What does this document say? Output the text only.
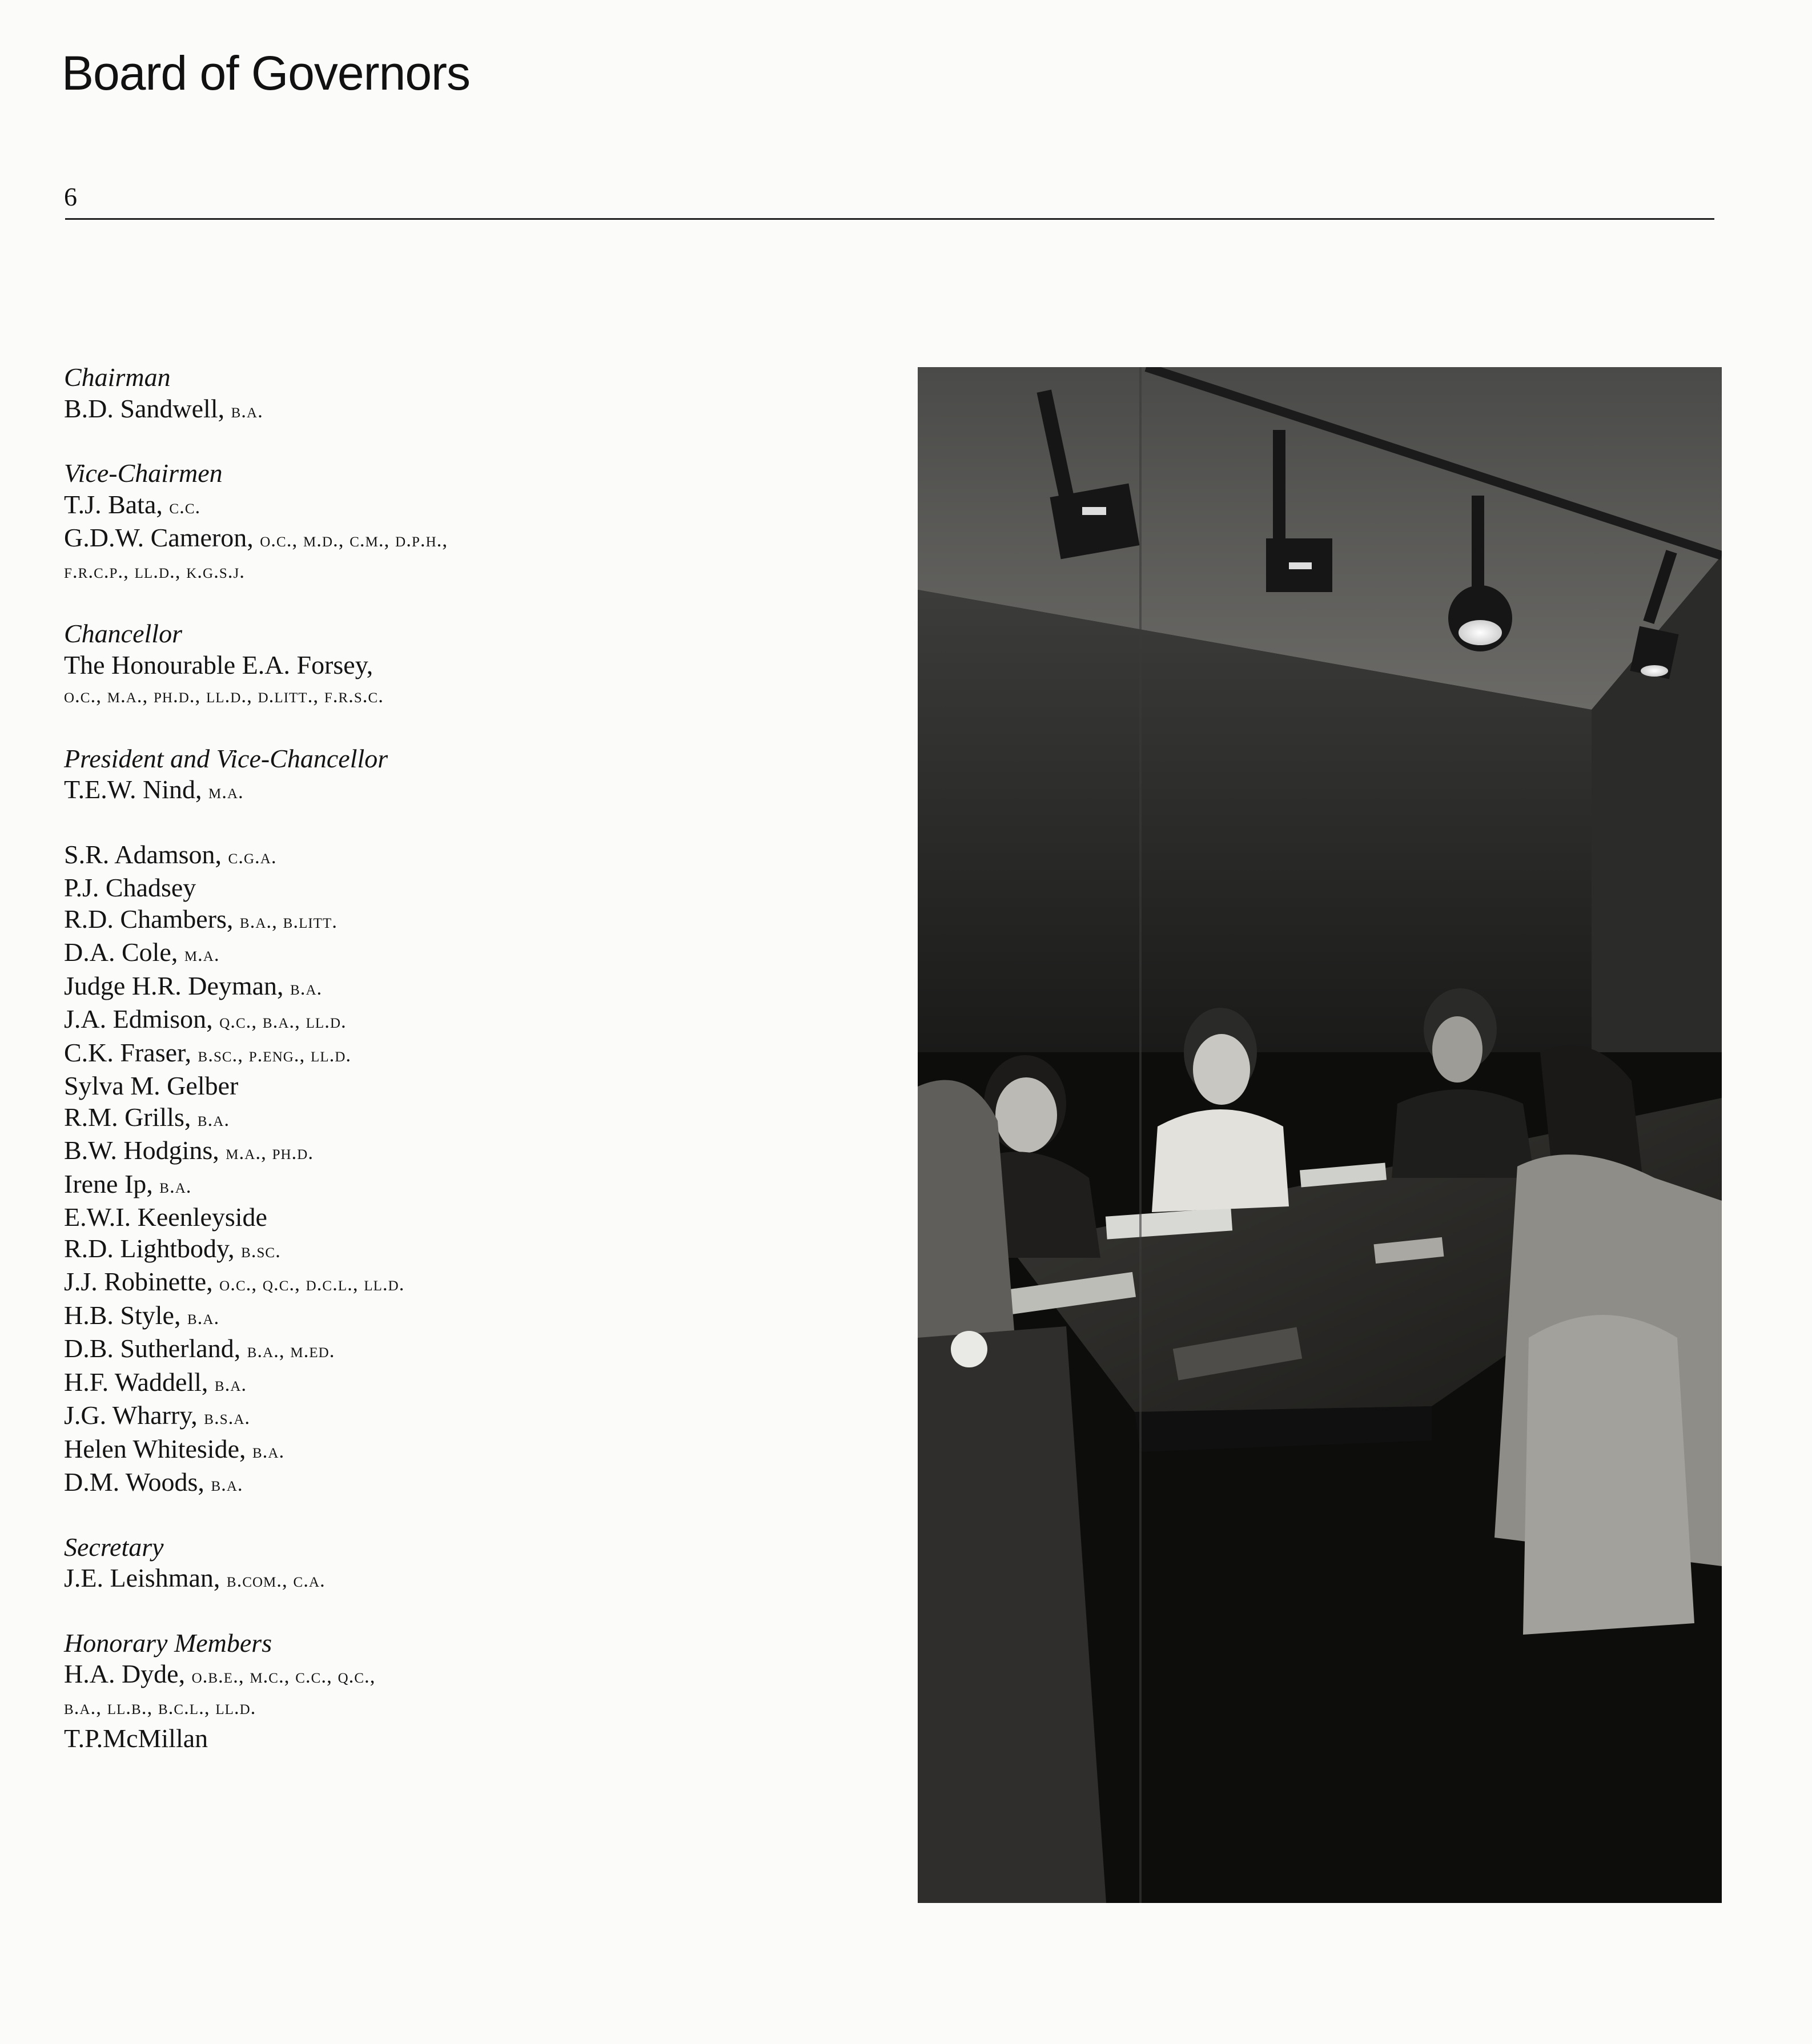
Board of Governors
6
Chairman
B.D. Sandwell, b.a.
Vice-Chairmen
T.J. Bata, c.c.
G.D.W. Cameron, o.c., m.d., c.m., d.p.h.,
f.r.c.p., ll.d., k.g.s.j.
Chancellor
The Honourable E.A. Forsey,
o.c., m.a., ph.d., ll.d., d.litt., f.r.s.c.
President and Vice-Chancellor
T.E.W. Nind, m.a.
S.R. Adamson, c.g.a.
P.J. Chadsey
R.D. Chambers, b.a., b.litt.
D.A. Cole, m.a.
Judge H.R. Deyman, b.a.
J.A. Edmison, q.c., b.a., ll.d.
C.K. Fraser, b.sc., p.eng., ll.d.
Sylva M. Gelber
R.M. Grills, b.a.
B.W. Hodgins, m.a., ph.d.
Irene Ip, b.a.
E.W.I. Keenleyside
R.D. Lightbody, b.sc.
J.J. Robinette, o.c., q.c., d.c.l., ll.d.
H.B. Style, b.a.
D.B. Sutherland, b.a., m.ed.
H.F. Waddell, b.a.
J.G. Wharry, b.s.a.
Helen Whiteside, b.a.
D.M. Woods, b.a.
Secretary
J.E. Leishman, b.com., c.a.
Honorary Members
H.A. Dyde, o.b.e., m.c., c.c., q.c.,
b.a., ll.b., b.c.l., ll.d.
T.P.McMillan
